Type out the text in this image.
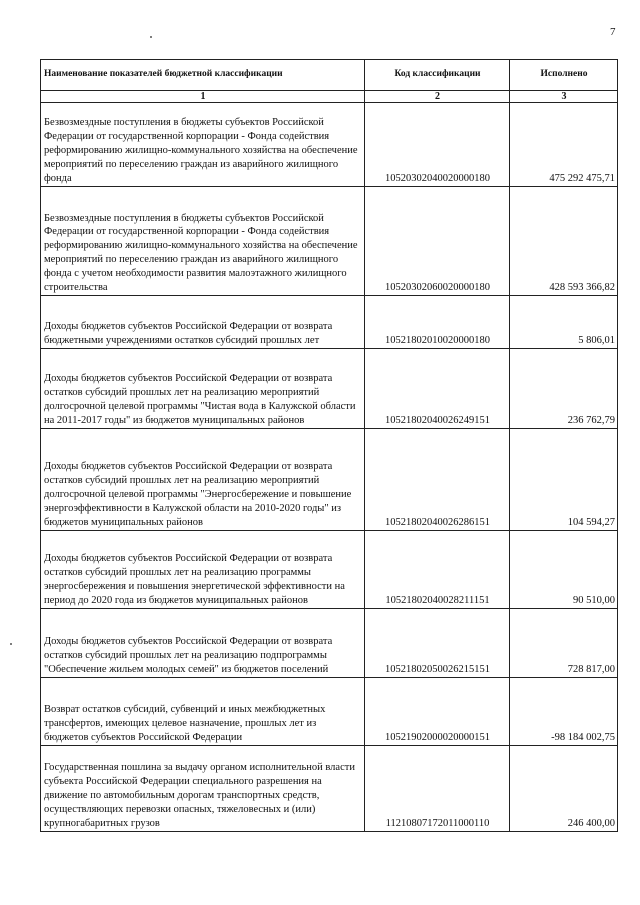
7
Наименование показателей бюджетной классификации	Код классификации	Исполнено
1	2	3
Безвозмездные поступления в бюджеты субъектов Российской Федерации от государственной корпорации - Фонда содействия реформированию жилищно-коммунального хозяйства на обеспечение мероприятий по переселению граждан из аварийного жилищного фонда	10520302040020000180	475 292 475,71
Безвозмездные поступления в бюджеты субъектов Российской Федерации от государственной корпорации - Фонда содействия реформированию жилищно-коммунального хозяйства на обеспечение мероприятий по переселению граждан из аварийного жилищного фонда с учетом необходимости развития малоэтажного жилищного строительства	10520302060020000180	428 593 366,82
Доходы бюджетов субъектов Российской Федерации от возврата бюджетными учреждениями остатков субсидий прошлых лет	10521802010020000180	5 806,01
Доходы бюджетов субъектов Российской Федерации от возврата остатков субсидий прошлых лет на реализацию мероприятий долгосрочной целевой программы "Чистая вода в Калужской области на 2011-2017 годы" из бюджетов муниципальных районов	10521802040026249151	236 762,79
Доходы бюджетов субъектов Российской Федерации от возврата остатков субсидий прошлых лет на реализацию мероприятий долгосрочной целевой программы "Энергосбережение и повышение энергоэффективности в Калужской области на 2010-2020 годы" из бюджетов муниципальных районов	10521802040026286151	104 594,27
Доходы бюджетов субъектов Российской Федерации от возврата остатков субсидий прошлых лет на реализацию программы энергосбережения и повышения энергетической эффективности на период до 2020 года из бюджетов муниципальных районов	10521802040028211151	90 510,00
Доходы бюджетов субъектов Российской Федерации от возврата остатков субсидий прошлых лет на реализацию подпрограммы "Обеспечение жильем молодых семей" из бюджетов поселений	10521802050026215151	728 817,00
Возврат остатков субсидий, субвенций и иных межбюджетных трансфертов, имеющих целевое назначение, прошлых лет из бюджетов субъектов Российской Федерации	10521902000020000151	-98 184 002,75
Государственная пошлина за выдачу органом исполнительной власти субъекта Российской Федерации специального разрешения на движение по автомобильным дорогам транспортных средств, осуществляющих перевозки опасных, тяжеловесных и (или) крупногабаритных грузов	11210807172011000110	246 400,00
